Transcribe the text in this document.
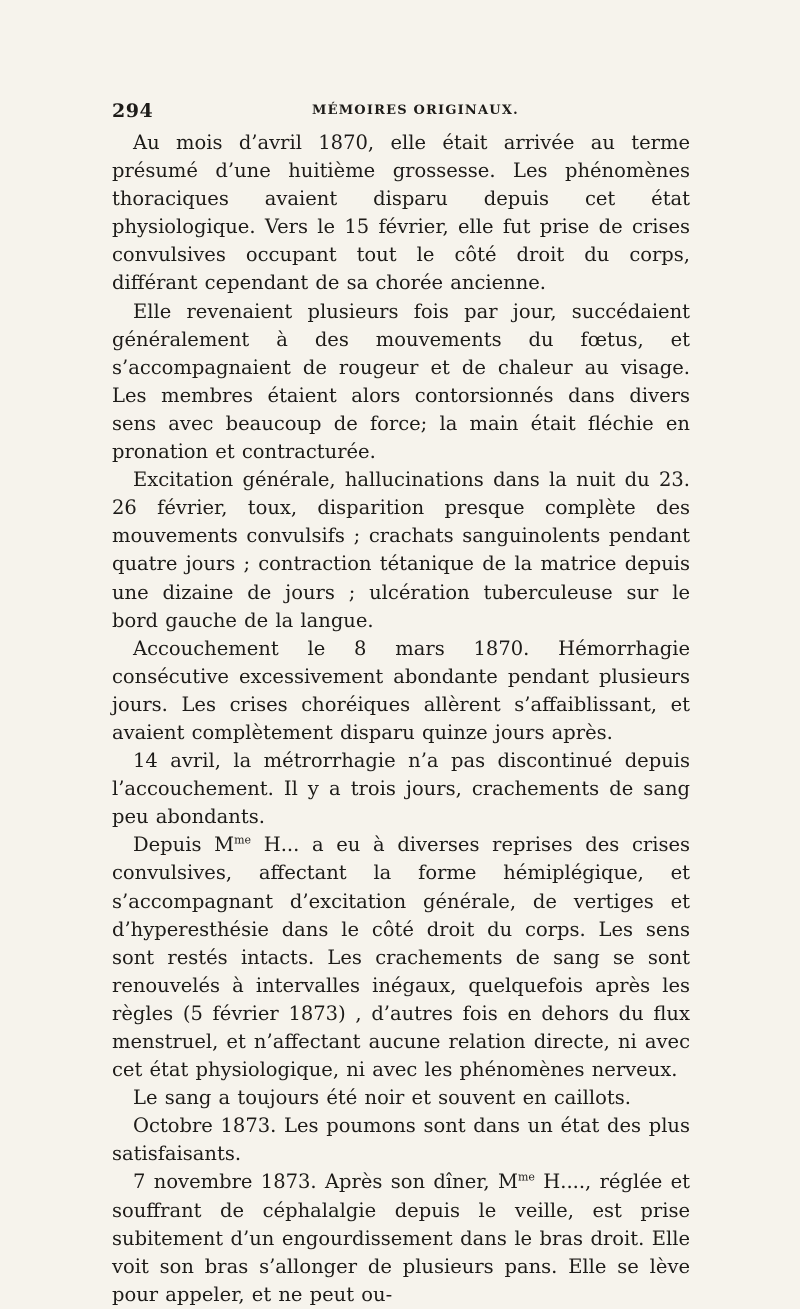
294	MÉMOIRES ORIGINAUX.

Au mois d’avril 1870, elle était arrivée au terme présumé d’une huitième grossesse. Les phénomènes thoraciques avaient disparu depuis cet état physiologique. Vers le 15 février, elle fut prise de crises convulsives occupant tout le côté droit du corps, différant cependant de sa chorée ancienne.

Elle revenaient plusieurs fois par jour, succédaient généralement à des mouvements du fœtus, et s’accompagnaient de rougeur et de chaleur au visage. Les membres étaient alors contorsionnés dans divers sens avec beaucoup de force; la main était fléchie en pronation et contracturée.

Excitation générale, hallucinations dans la nuit du 23. 26 février, toux, disparition presque complète des mouvements convulsifs ; crachats sanguinolents pendant quatre jours ; contraction tétanique de la matrice depuis une dizaine de jours ; ulcération tuberculeuse sur le bord gauche de la langue.

Accouchement le 8 mars 1870. Hémorrhagie consécutive excessivement abondante pendant plusieurs jours. Les crises choréiques allèrent s’affaiblissant, et avaient complètement disparu quinze jours après.

14 avril, la métrorrhagie n’a pas discontinué depuis l’accouchement. Il y a trois jours, crachements de sang peu abondants.

Depuis $M^{me}$ H... a eu à diverses reprises des crises convulsives, affectant la forme hémiplégique, et s’accompagnant d’excitation générale, de vertiges et d’hyperesthésie dans le côté droit du corps. Les sens sont restés intacts. Les crachements de sang se sont renouvelés à intervalles inégaux, quelquefois après les règles (5 février 1873) , d’autres fois en dehors du flux menstruel, et n’affectant aucune relation directe, ni avec cet état physiologique, ni avec les phénomènes nerveux.

Le sang a toujours été noir et souvent en caillots.

Octobre 1873. Les poumons sont dans un état des plus satisfaisants.

7 novembre 1873. Après son dîner, $M^{me}$ H...., réglée et souffrant de céphalalgie depuis le veille, est prise subitement d’un engourdissement dans le bras droit. Elle voit son bras s’allonger de plusieurs pans. Elle se lève pour appeler, et ne peut ou-
